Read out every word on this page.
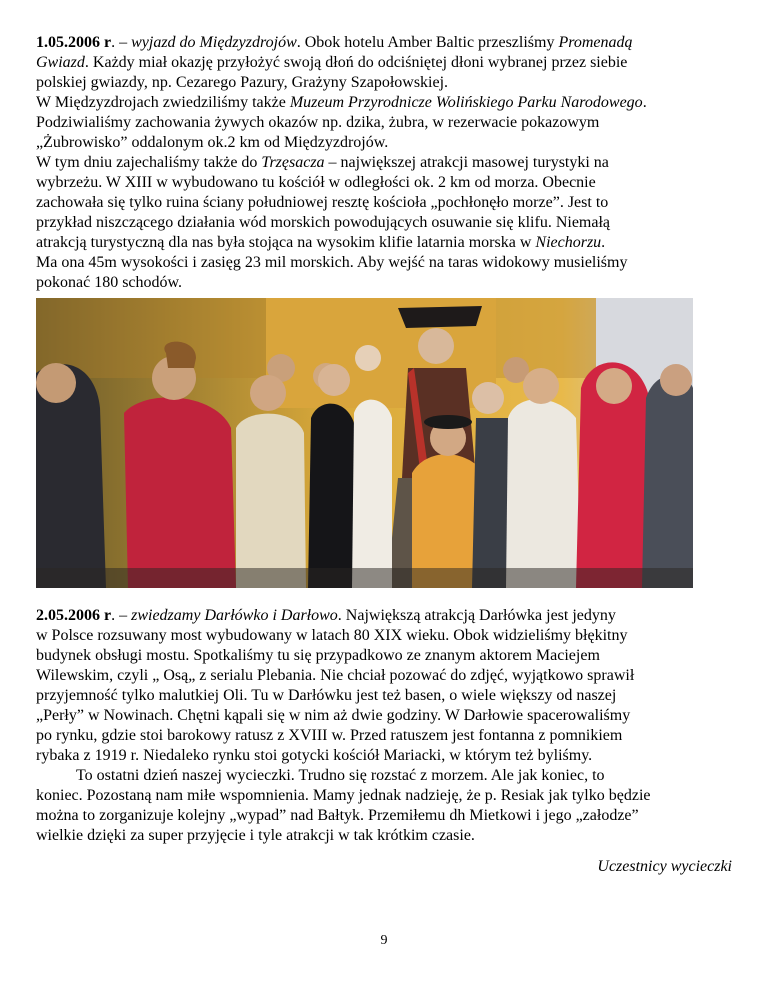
1.05.2006 r. – wyjazd do Międzyzdrojów. Obok hotelu Amber Baltic przeszliśmy Promenadą
Gwiazd. Każdy miał okazję przyłożyć swoją dłoń do odciśniętej dłoni wybranej przez siebie
polskiej gwiazdy, np. Cezarego Pazury, Grażyny Szapołowskiej.
W Międzyzdrojach zwiedziliśmy także Muzeum Przyrodnicze Wolińskiego Parku Narodowego.
Podziwialiśmy zachowania żywych okazów np. dzika, żubra, w rezerwacie pokazowym
„Żubrowisko” oddalonym ok.2 km od Międzyzdrojów.
W tym dniu zajechaliśmy także do Trzęsacza – największej atrakcji masowej turystyki na
wybrzeżu. W XIII w wybudowano tu kościół w odległości ok. 2 km od morza. Obecnie
zachowała się tylko ruina ściany południowej resztę kościoła „pochłonęło morze”. Jest to
przykład niszczącego działania wód morskich powodujących osuwanie się klifu. Niemałą
atrakcją turystyczną dla nas była stojąca na wysokim klifie latarnia morska w Niechorzu.
Ma ona 45m wysokości i zasięg 23 mil morskich. Aby wejść na taras widokowy musieliśmy
pokonać 180 schodów.
2.05.2006 r. – zwiedzamy Darłówko i Darłowo. Największą atrakcją Darłówka jest jedyny
w Polsce rozsuwany most wybudowany w latach 80 XIX wieku. Obok widzieliśmy błękitny
budynek obsługi mostu. Spotkaliśmy tu się przypadkowo ze znanym aktorem Maciejem
Wilewskim, czyli „ Osą„ z serialu Plebania. Nie chciał pozować do zdjęć, wyjątkowo sprawił
przyjemność tylko malutkiej Oli. Tu w Darłówku jest też basen, o wiele większy od naszej
„Perły” w Nowinach. Chętni kąpali się w nim aż dwie godziny. W Darłowie spacerowaliśmy
po rynku, gdzie stoi barokowy ratusz z XVIII w. Przed ratuszem jest fontanna z pomnikiem
rybaka z 1919 r. Niedaleko rynku stoi gotycki kościół Mariacki, w którym też byliśmy.
To ostatni dzień naszej wycieczki. Trudno się rozstać z morzem. Ale jak koniec, to
koniec. Pozostaną nam miłe wspomnienia. Mamy jednak nadzieję, że p. Resiak jak tylko będzie
można to zorganizuje kolejny „wypad” nad Bałtyk. Przemiłemu dh Mietkowi i jego „załodze”
wielkie dzięki za super przyjęcie i tyle atrakcji w tak krótkim czasie.
Uczestnicy wycieczki
9
